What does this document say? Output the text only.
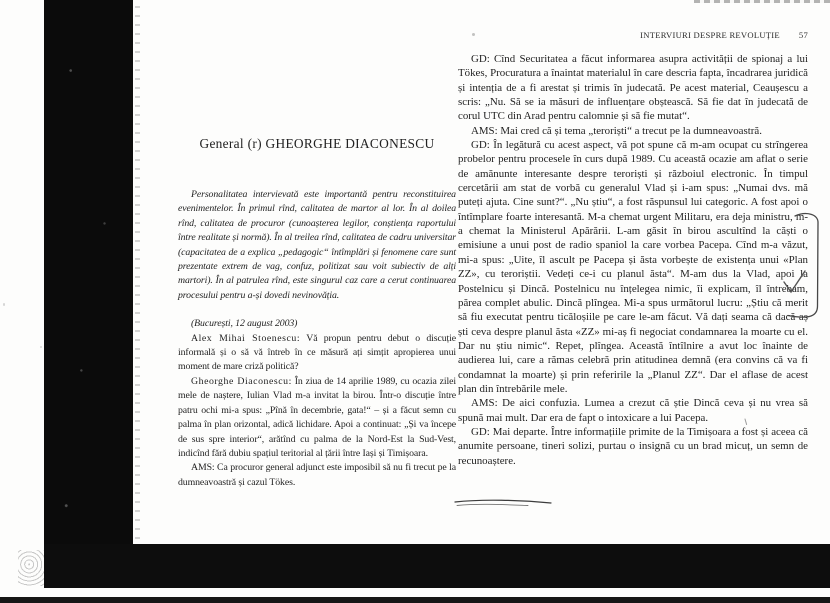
INTERVIURI DESPRE REVOLUȚIE 57
General (r) GHEORGHE DIACONESCU

Personalitatea intervievată este importantă pentru reconstituirea evenimentelor. În primul rînd, calitatea de martor al lor. În al doilea rînd, calitatea de procuror (cunoașterea legilor, conștiența raportului între realitate și normă). În al treilea rînd, calitatea de cadru universitar (capacitatea de a explica „pedagogic“ întîmplări și fenomene care sunt prezentate extrem de vag, confuz, politizat sau voit subiectiv de alți martori). În al patrulea rînd, este singurul caz care a cerut continuarea procesului pentru a-și dovedi nevinovăția.

(București, 12 august 2003)

Alex Mihai Stoenescu: Vă propun pentru debut o discuție informală și o să vă întreb în ce măsură ați simțit apropierea unui moment de mare criză politică?

Gheorghe Diaconescu: În ziua de 14 aprilie 1989, cu ocazia zilei mele de naștere, Iulian Vlad m-a invitat la birou. Într-o discuție între patru ochi mi-a spus: „Pînă în decembrie, gata!“ – și a făcut semn cu palma în plan orizontal, adică lichidare. Apoi a continuat: „Și va începe de sus spre interior“, arătînd cu palma de la Nord-Est la Sud-Vest, indicînd fără dubiu spațiul teritorial al țării între Iași și Timișoara.

AMS: Ca procuror general adjunct este imposibil să nu fi trecut pe la dumneavoastră și cazul Tökes.

GD: Cînd Securitatea a făcut informarea asupra activității de spionaj a lui Tökes, Procuratura a înaintat materialul în care descria fapta, încadrarea juridică și intenția de a fi arestat și trimis în judecată. Pe acest material, Ceaușescu a scris: „Nu. Să se ia măsuri de influențare obștească. Să fie dat în judecată de corul UTC din Arad pentru calomnie și să fie mutat“.

AMS: Mai cred că și tema „teroriști“ a trecut pe la dumneavoastră.

GD: În legătură cu acest aspect, vă pot spune că m-am ocupat cu strîngerea probelor pentru procesele în curs după 1989. Cu această ocazie am aflat o serie de amănunte interesante despre teroriști și războiul electronic. În timpul cercetării am stat de vorbă cu generalul Vlad și i-am spus: „Numai dvs. mă puteți ajuta. Cine sunt?“. „Nu știu“, a fost răspunsul lui categoric. A fost apoi o întîmplare foarte interesantă. M-a chemat urgent Militaru, era deja ministru, m-a chemat la Ministerul Apărării. L-am găsit în birou ascultînd la căști o emisiune a unui post de radio spaniol la care vorbea Pacepa. Cînd m-a văzut, mi-a spus: „Uite, îl ascult pe Pacepa și ăsta vorbește de existența unui «Plan ZZ», cu teroriștii. Vedeți ce-i cu planul ăsta“. M-am dus la Vlad, apoi la Postelnicu și Dincă. Postelnicu nu înțelegea nimic, îi explicam, îl întrebam, părea complet abulic. Dincă plîngea. Mi-a spus următorul lucru: „Știu că merit să fiu executat pentru ticăloșiile pe care le-am făcut. Vă dați seama că dacă aș ști ceva despre planul ăsta «ZZ» mi-aș fi negociat condamnarea la moarte cu el. Dar nu știu nimic“. Repet, plîngea. Această întîlnire a avut loc înainte de audierea lui, care a rămas celebră prin atitudinea demnă (era convins că va fi condamnat la moarte) și prin referirile la „Planul ZZ“. Dar el aflase de acest plan din întrebările mele.

AMS: De aici confuzia. Lumea a crezut că știe Dincă ceva și nu vrea să spună mai mult. Dar era de fapt o intoxicare a lui Pacepa.

GD: Mai departe. Între informațiile primite de la Timișoara a fost și aceea că anumite persoane, tineri solizi, purtau o insignă cu un brad micuț, un semn de recunoaștere.
